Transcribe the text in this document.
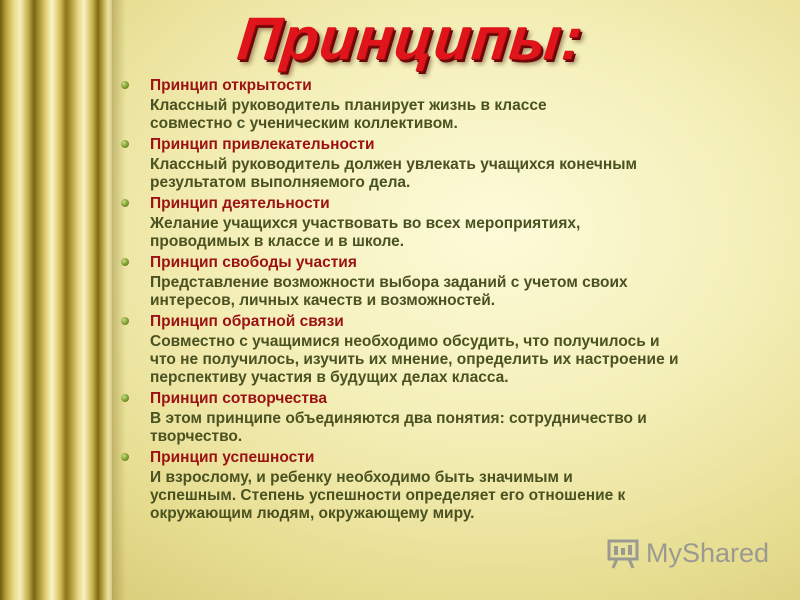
Принципы:
Принцип открытости
Классный руководитель планирует жизнь в классе
совместно с ученическим коллективом.
Принцип привлекательности
Классный руководитель должен увлекать учащихся конечным
результатом выполняемого дела.
Принцип деятельности
Желание учащихся участвовать во всех мероприятиях,
проводимых в классе и в школе.
Принцип свободы участия
Представление возможности выбора заданий с учетом своих
интересов, личных качеств и возможностей.
Принцип обратной связи
Совместно с учащимися необходимо обсудить, что получилось и
что не получилось, изучить их мнение, определить их настроение и
перспективу участия в будущих делах класса.
Принцип сотворчества
В этом принципе объединяются два понятия: сотрудничество и
творчество.
Принцип успешности
И взрослому, и ребенку необходимо быть значимым и
успешным. Степень успешности определяет его отношение к
окружающим людям, окружающему миру.
MyShared
